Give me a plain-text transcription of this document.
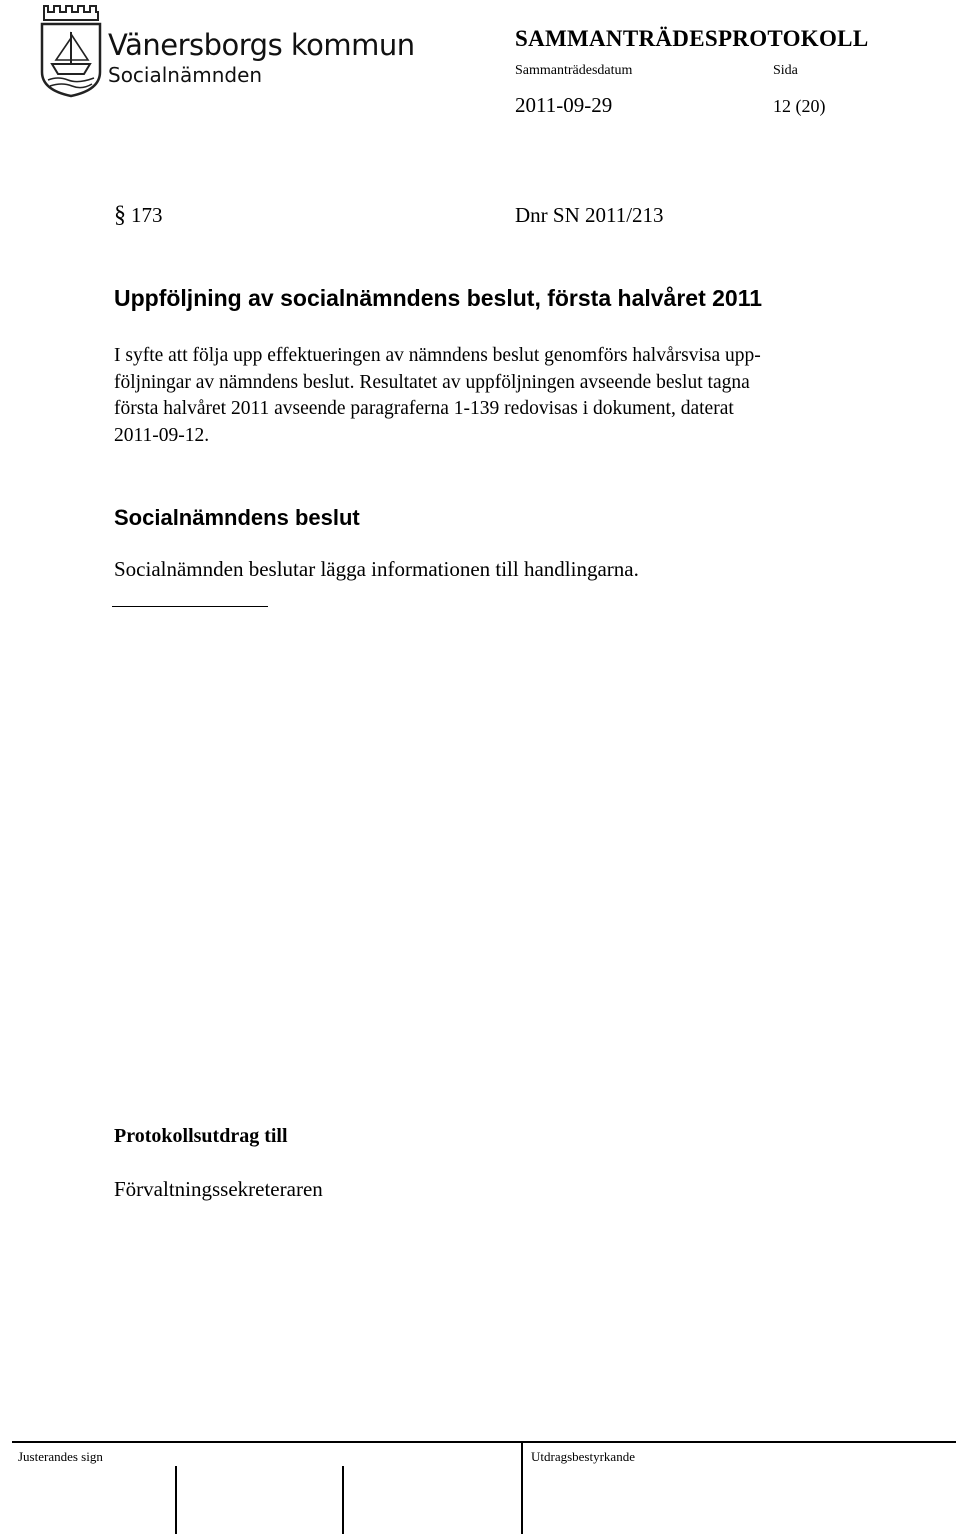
Vänersborgs kommun
Socialnämnden
SAMMANTRÄDESPROTOKOLL
Sammanträdesdatum	Sida
2011-09-29	12 (20)
§ 173	Dnr SN 2011/213
Uppföljning av socialnämndens beslut, första halvåret 2011
I syfte att följa upp effektueringen av nämndens beslut genomförs halvårsvisa upp-
följningar av nämndens beslut. Resultatet av uppföljningen avseende beslut tagna
första halvåret 2011 avseende paragraferna 1-139 redovisas i dokument, daterat
2011-09-12.
Socialnämndens beslut
Socialnämnden beslutar lägga informationen till handlingarna.
Protokollsutdrag till
Förvaltningssekreteraren
Justerandes sign	Utdragsbestyrkande
